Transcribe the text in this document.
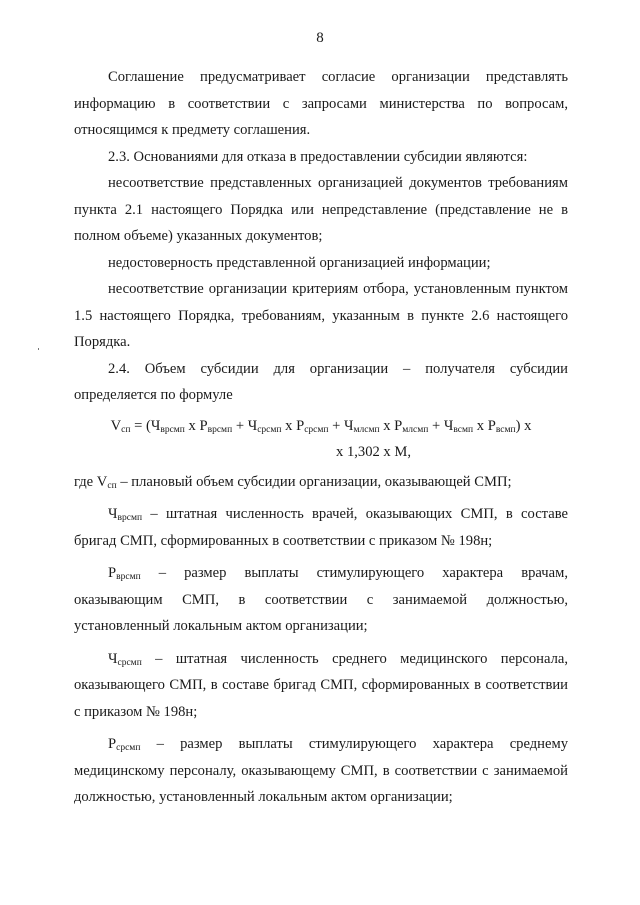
8

Соглашение предусматривает согласие организации представлять информацию в соответствии с запросами министерства по вопросам, относящимся к предмету соглашения.

2.3. Основаниями для отказа в предоставлении субсидии являются:

несоответствие представленных организацией документов требованиям пункта 2.1 настоящего Порядка или непредставление (представление не в полном объеме) указанных документов;

недостоверность представленной организацией информации;

несоответствие организации критериям отбора, установленным пунктом 1.5 настоящего Порядка, требованиям, указанным в пункте 2.6 настоящего Порядка.

2.4. Объем субсидии для организации – получателя субсидии определяется по формуле

$V_{сп} = (Ч_{врсмп}$ х $Р_{врсмп} + Ч_{срсмп}$ х $Р_{срсмп} + Ч_{млсмп}$ х $Р_{млсмп} + Ч_{всмп}$ х $Р_{всмп}$) х

х 1,302 х М,

где $V_{сп}$ – плановый объем субсидии организации, оказывающей СМП;

$Ч_{врсмп}$ – штатная численность врачей, оказывающих СМП, в составе бригад СМП, сформированных в соответствии с приказом № 198н;

$Р_{врсмп}$ – размер выплаты стимулирующего характера врачам, оказывающим СМП, в соответствии с занимаемой должностью, установленный локальным актом организации;

$Ч_{срсмп}$ – штатная численность среднего медицинского персонала, оказывающего СМП, в составе бригад СМП, сформированных в соответствии с приказом № 198н;

$Р_{срсмп}$ – размер выплаты стимулирующего характера среднему медицинскому персоналу, оказывающему СМП, в соответствии с занимаемой должностью, установленный локальным актом организации;
